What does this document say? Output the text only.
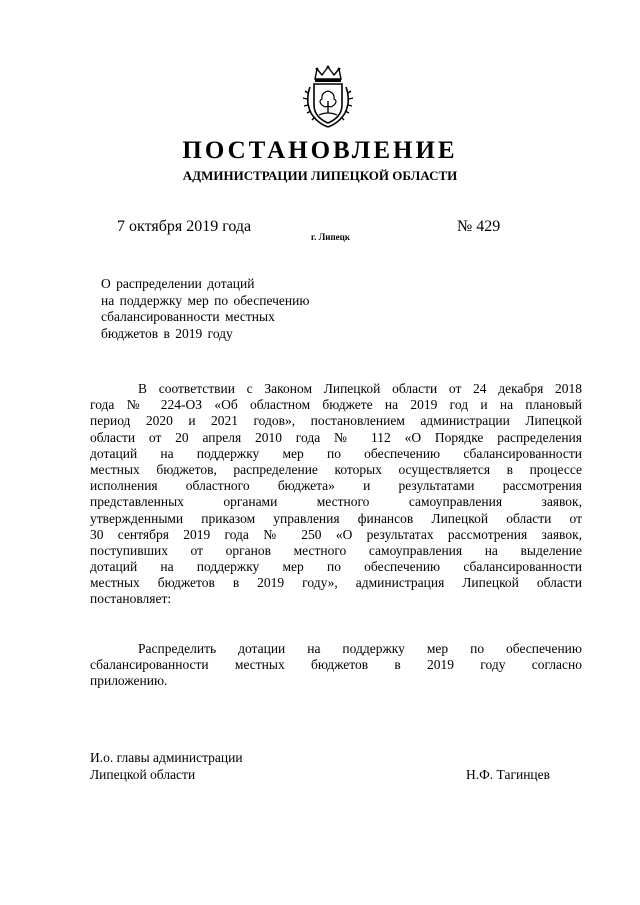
ПОСТАНОВЛЕНИЕ
АДМИНИСТРАЦИИ ЛИПЕЦКОЙ ОБЛАСТИ
7 октября 2019 года
г. Липецк
№ 429
О распределении дотаций
на поддержку мер по обеспечению
сбалансированности местных
бюджетов в 2019 году
В соответствии с Законом Липецкой области от 24 декабря 2018
года № 224-ОЗ «Об областном бюджете на 2019 год и на плановый
период 2020 и 2021 годов», постановлением администрации Липецкой
области от 20 апреля 2010 года № 112 «О Порядке распределения
дотаций на поддержку мер по обеспечению сбалансированности
местных бюджетов, распределение которых осуществляется в процессе
исполнения областного бюджета» и результатами рассмотрения
представленных органами местного самоуправления заявок,
утвержденными приказом управления финансов Липецкой области от
30 сентября 2019 года № 250 «О результатах рассмотрения заявок,
поступивших от органов местного самоуправления на выделение
дотаций на поддержку мер по обеспечению сбалансированности
местных бюджетов в 2019 году», администрация Липецкой области
постановляет:
Распределить дотации на поддержку мер по обеспечению
сбалансированности местных бюджетов в 2019 году согласно
приложению.
И.о. главы администрации
Липецкой области	Н.Ф. Тагинцев
